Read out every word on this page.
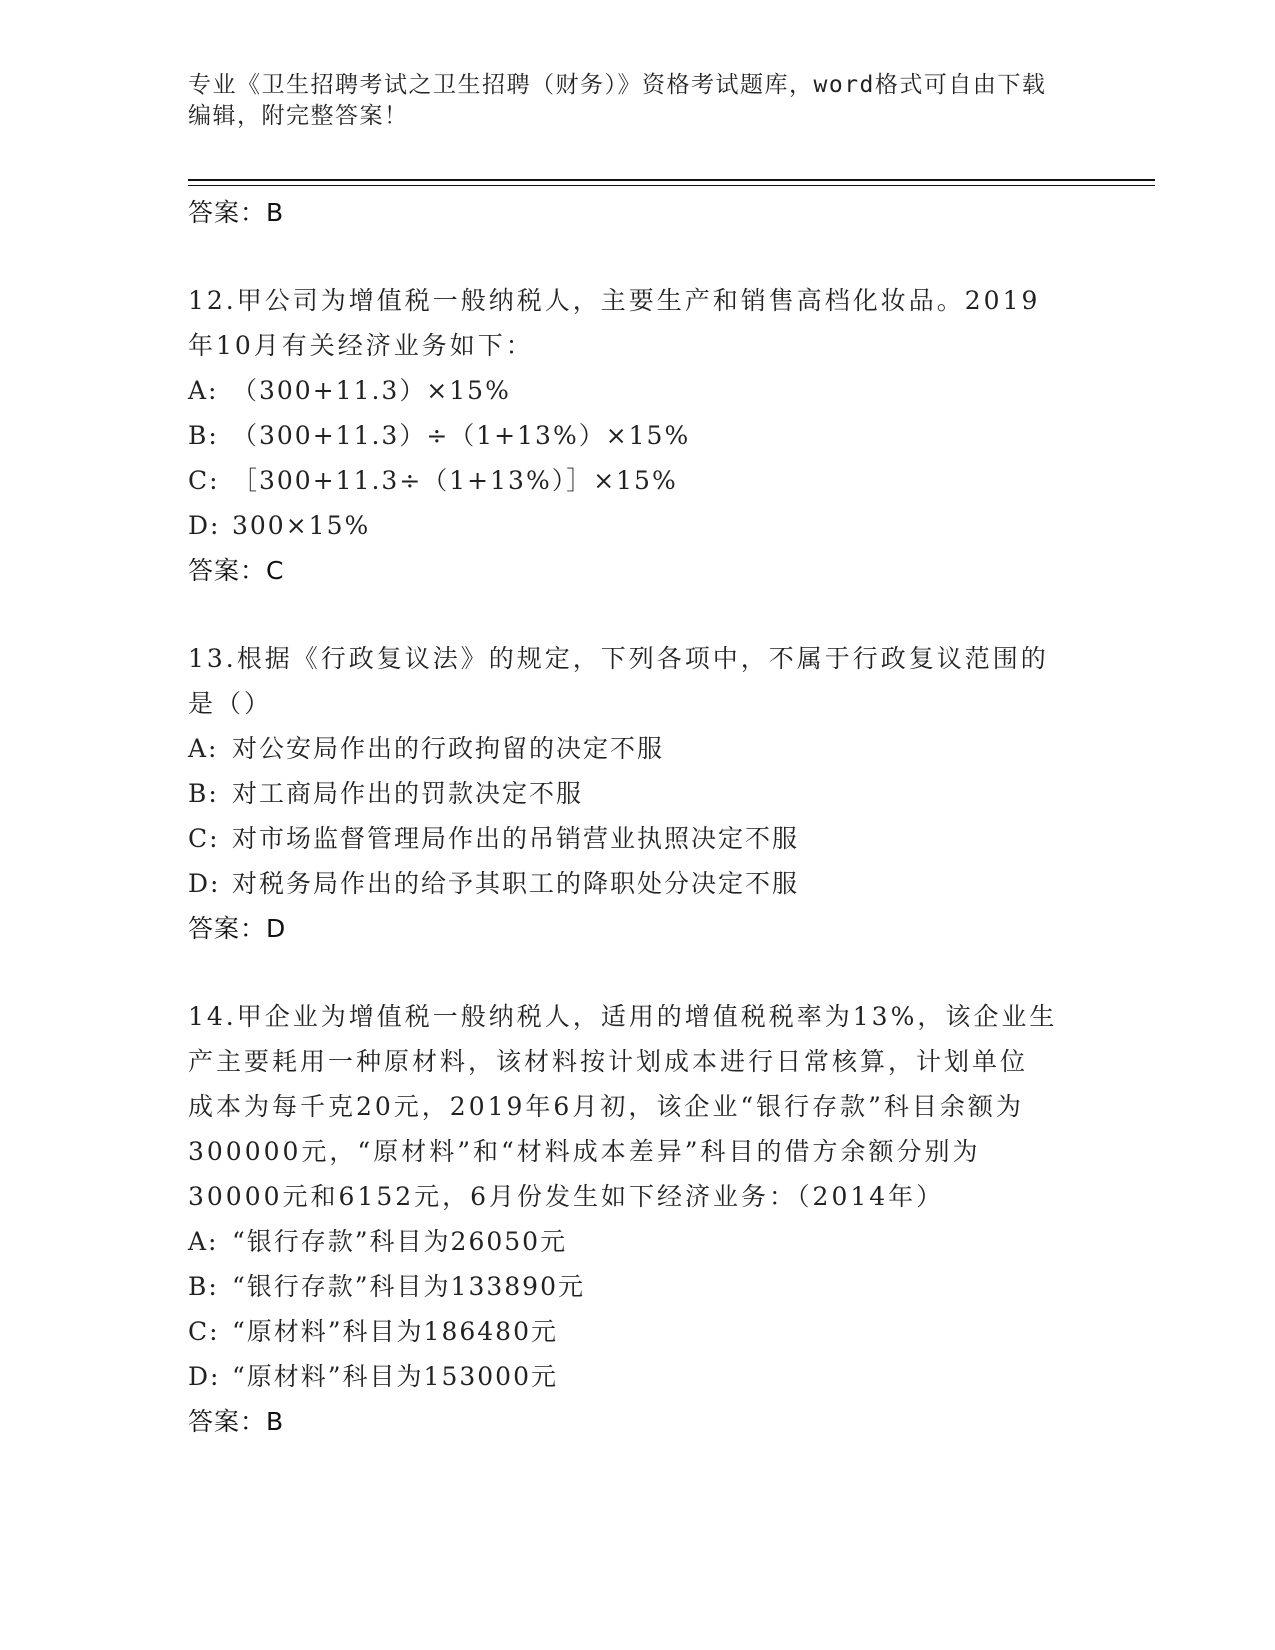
专业《卫生招聘考试之卫生招聘（财务）》资格考试题库，word格式可自由下载
编辑，附完整答案！
答案：B
12.甲公司为增值税一般纳税人，主要生产和销售高档化妆品。2019
年10月有关经济业务如下：
A: （300+11.3）×15%
B: （300+11.3）÷（1+13%）×15%
C: ［300+11.3÷（1+13%）］×15%
D: 300×15%
答案：C
13.根据《行政复议法》的规定，下列各项中，不属于行政复议范围的
是（）
A: 对公安局作出的行政拘留的决定不服
B: 对工商局作出的罚款决定不服
C: 对市场监督管理局作出的吊销营业执照决定不服
D: 对税务局作出的给予其职工的降职处分决定不服
答案：D
14.甲企业为增值税一般纳税人，适用的增值税税率为13%，该企业生
产主要耗用一种原材料，该材料按计划成本进行日常核算，计划单位
成本为每千克20元，2019年6月初，该企业“银行存款”科目余额为
300000元，“原材料”和“材料成本差异”科目的借方余额分别为
30000元和6152元，6月份发生如下经济业务：（2014年）
A: “银行存款”科目为26050元
B: “银行存款”科目为133890元
C: “原材料”科目为186480元
D: “原材料”科目为153000元
答案：B
